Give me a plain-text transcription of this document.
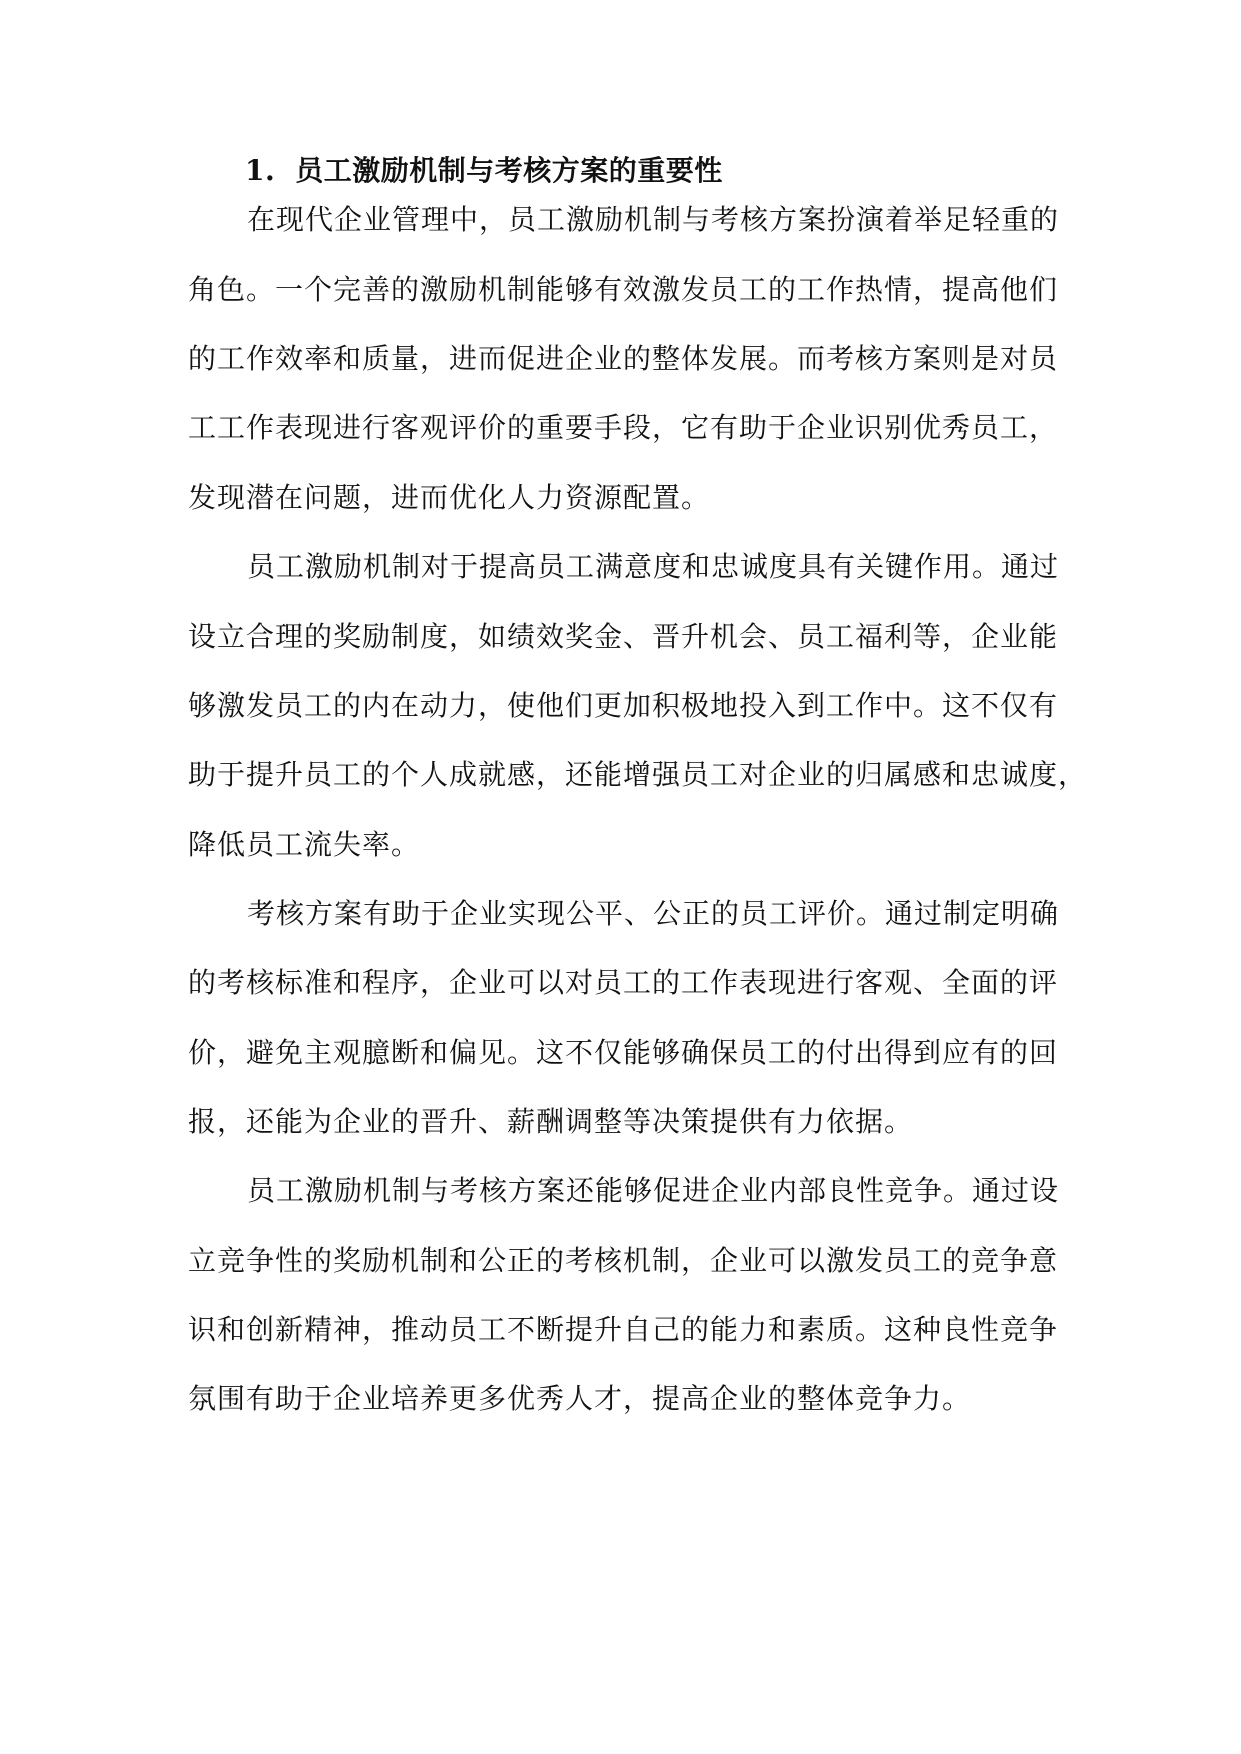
1. 员工激励机制与考核方案的重要性
在现代企业管理中，员工激励机制与考核方案扮演着举足轻重的
角色。一个完善的激励机制能够有效激发员工的工作热情，提高他们
的工作效率和质量，进而促进企业的整体发展。而考核方案则是对员
工工作表现进行客观评价的重要手段，它有助于企业识别优秀员工，
发现潜在问题，进而优化人力资源配置。
员工激励机制对于提高员工满意度和忠诚度具有关键作用。通过
设立合理的奖励制度，如绩效奖金、晋升机会、员工福利等，企业能
够激发员工的内在动力，使他们更加积极地投入到工作中。这不仅有
助于提升员工的个人成就感，还能增强员工对企业的归属感和忠诚度，
降低员工流失率。
考核方案有助于企业实现公平、公正的员工评价。通过制定明确
的考核标准和程序，企业可以对员工的工作表现进行客观、全面的评
价，避免主观臆断和偏见。这不仅能够确保员工的付出得到应有的回
报，还能为企业的晋升、薪酬调整等决策提供有力依据。
员工激励机制与考核方案还能够促进企业内部良性竞争。通过设
立竞争性的奖励机制和公正的考核机制，企业可以激发员工的竞争意
识和创新精神，推动员工不断提升自己的能力和素质。这种良性竞争
氛围有助于企业培养更多优秀人才，提高企业的整体竞争力。
